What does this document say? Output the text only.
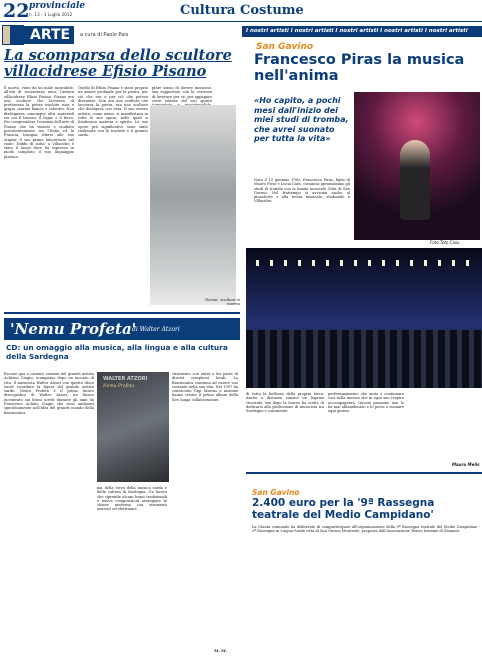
22 provinciale
n. 13 - 1 Luglio 2012	Cultura Costume
ARTE	a cura di Paolo Pais
La scomparsa dello scultore villacidrese Efisio Pisano
È morto, vinto da un male incurabile, all'età di sessantuno anni, l'artista villacidrese Efisio Pisano. Pisano era uno scultore che lavorava di preferenza la pietra trachite rosa e grigia, marmo bianco e colorato. Non disdegnava comunque altri materiali tra cui il bronzo, il legno e il ferro. Per comprendere l'essenza dell'arte di Pisano che ha vissuto e studiato prevalentemente tra l'Italia ed la Francia, bisogna rifarsi alle sue origini: il suo primo laboratorio nel rione 'Diddu di sutta' a Villacidro è stato il luogo dove ha espresso in modo compiuto il suo linguaggio plastico.
Quello di Efisio Pisano è stato proprio un amore profondo per la pietra, per ciò che era e per ciò che poteva diventare. Non era uno scultore che lavorava la pietra, era uno scultore che dialogava con essa. Il suo essere artista, come uomo, si manifestava in tutte le sue opere, nelle quali si fondevano materia e spirito. Le sue opere più significative sono state realizzate con la trachite e il granito sardo.
plare senso di dovere missione, sua supportato con la certezza di lavorare per sé, per appagare certe istanze del suo spirito
'Donna', scultura in marmo
'Nemu Profeta'
di Walter Atzori
CD: un omaggio alla musica, alla lingua e alla cultura della Sardegna
Escono qua a cantare canzoni del grande artista Achiòno Cingiu, scomparso dopo un inconto di vita: il musicista Walter Atzori con questo disco vuole ricordare la figura del grande artista sardo. Nemu Profeta è il primo lavoro discografico di Walter Atzori, un lavoro incentrato sui brani scritti durante gli anni da Francesco Achìno Cingiu che sono ambienti specificamente nell'idea del grande mondo della fisarmonica.
WALTER ATZORI
Nemu Profeta
ma della terra della musica sarda e della cultura di Sardegna. Un lavoro che riprende alcuni brani tradizionali e nuove composizioni arrangiate in chiave moderna con strumenti acustici ed elettronici.
strumento con entra a far parte di diversi complessi locali. La fisarmonica continua ad essere suo costante nella sua vita. Nel 1997 ha conosciuto Gigi Marras e insieme hanno creato il primo album della loro lunga collaborazione.
M. M.
I nostri artisti I nostri artisti I nostri artisti I nostri artisti I nostri artisti
San Gavino
Francesco Piras la musica nell'anima
«Ho capito, a pochi mesi dall'inizio dei miei studi di tromba, che avrei suonato per tutta la vita»
Foto Toto Casu
Nato il 15 gennaio 1982, Francesco Piras, figlio di Mauro Piras e Lucia Cara, comincia giovanissimo gli studi di tromba con la banda musicale Città di San Gavino. Nel frattempo si avvicina anche al pianoforte e alla teoria musicale, studiando a Villacidro.
di tutta la bellezza della propria terra. Anche a distanza rimane un legame viscerale, ma dopo la laurea ha scelto di dedicarsi alla professione di musicista tra Sardegna e continente.
perfezionamento che aiuta e continuare così nella musica che in ogni suo respiro accompagnerà. Questa passione non lo ha mai abbandonato e lo porta a suonare ogni giorno.
Mauro Melis
San Gavino
2.400 euro per la '9ª Rassegna teatrale del Medio Campidano'
La Giunta comunale ha deliberato di compartecipare all'organizzazione della 9ª Rassegna teatrale del Medio Campidano - 2ª Rassegna in Lingua Sarda città di San Gavino Monreale, proposta dall'Associazione Teatro Insieme di Samassi.
